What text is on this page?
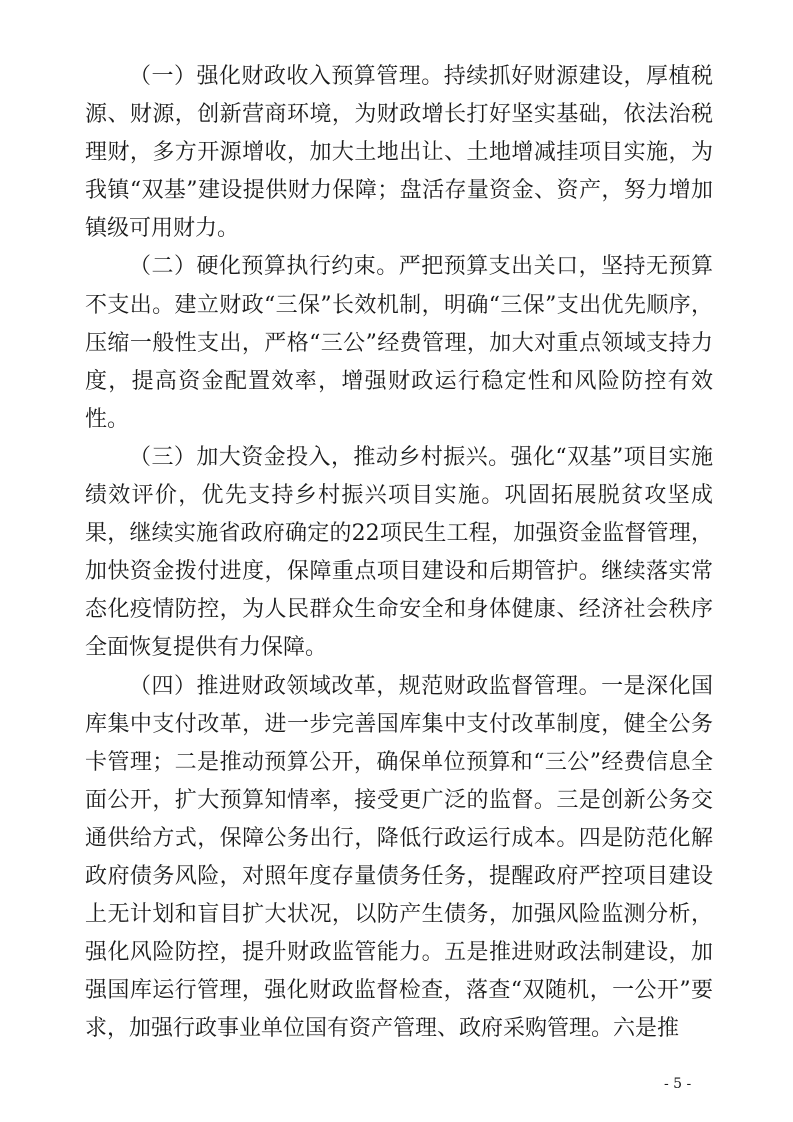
（一）强化财政收入预算管理。持续抓好财源建设，厚植税源、财源，创新营商环境，为财政增长打好坚实基础，依法治税理财，多方开源增收，加大土地出让、土地增减挂项目实施，为我镇“双基”建设提供财力保障；盘活存量资金、资产，努力增加镇级可用财力。

（二）硬化预算执行约束。严把预算支出关口，坚持无预算不支出。建立财政“三保”长效机制，明确“三保”支出优先顺序，压缩一般性支出，严格“三公”经费管理，加大对重点领域支持力度，提高资金配置效率，增强财政运行稳定性和风险防控有效性。

（三）加大资金投入，推动乡村振兴。强化“双基”项目实施绩效评价，优先支持乡村振兴项目实施。巩固拓展脱贫攻坚成果，继续实施省政府确定的22项民生工程，加强资金监督管理，加快资金拨付进度，保障重点项目建设和后期管护。继续落实常态化疫情防控，为人民群众生命安全和身体健康、经济社会秩序全面恢复提供有力保障。

（四）推进财政领域改革，规范财政监督管理。一是深化国库集中支付改革，进一步完善国库集中支付改革制度，健全公务卡管理；二是推动预算公开，确保单位预算和“三公”经费信息全面公开，扩大预算知情率，接受更广泛的监督。三是创新公务交通供给方式，保障公务出行，降低行政运行成本。四是防范化解政府债务风险，对照年度存量债务任务，提醒政府严控项目建设上无计划和盲目扩大状况，以防产生债务，加强风险监测分析，强化风险防控，提升财政监管能力。五是推进财政法制建设，加强国库运行管理，强化财政监督检查，落查“双随机，一公开”要求，加强行政事业单位国有资产管理、政府采购管理。六是推

- 5 -
